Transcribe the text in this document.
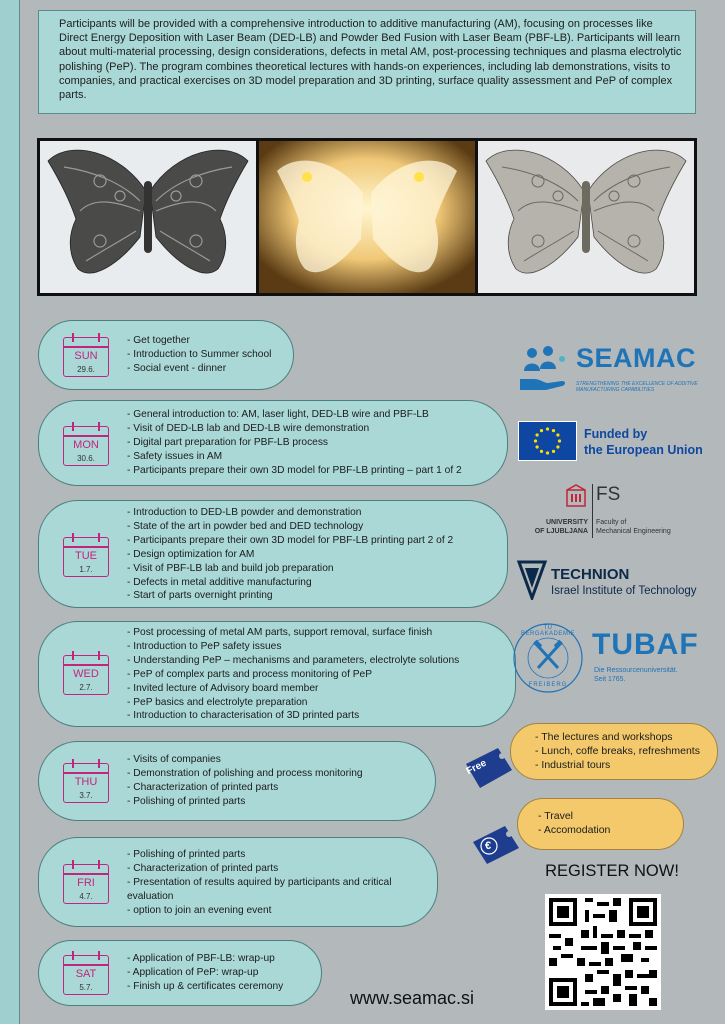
Participants will be provided with a comprehensive introduction to additive manufacturing (AM), focusing on processes like Direct Energy Deposition with Laser Beam (DED-LB) and Powder Bed Fusion with Laser Beam (PBF-LB). Participants will learn about multi-material processing, design considerations, defects in metal AM, post-processing techniques and plasma electrolytic polishing (PeP). The program combines theoretical lectures with hands-on experiences, including lab demonstrations, visits to companies, and practical exercises on 3D model preparation and 3D printing, surface quality assessment and PeP of complex parts.

SUN
29.6.
- Get together
- Introduction to Summer school
- Social event - dinner
MON
30.6.
- General introduction to: AM, laser light, DED-LB wire and PBF-LB
- Visit of DED-LB lab and DED-LB wire demonstration
- Digital part preparation for PBF-LB process
- Safety issues in AM
- Participants prepare their own 3D model for PBF-LB printing – part 1 of 2
TUE
1.7.
- Introduction to DED-LB powder and demonstration
- State of the art in powder bed and DED technology
- Participants prepare their own 3D model for PBF-LB printing part 2 of 2
- Design optimization for AM
- Visit of PBF-LB lab and build job preparation
- Defects in metal additive manufacturing
- Start of parts overnight printing
WED
2.7.
- Post processing of metal AM parts, support removal, surface finish
- Introduction to PeP safety issues
- Understanding PeP – mechanisms and parameters, electrolyte solutions
- PeP of complex parts and process monitoring of PeP
- Invited lecture of Advisory board member
- PeP basics and electrolyte preparation
- Introduction to characterisation of 3D printed parts
THU
3.7.
- Visits of companies
- Demonstration of polishing and process monitoring
- Characterization of printed parts
- Polishing of printed parts
FRI
4.7.
- Polishing of printed parts
- Characterization of printed parts
- Presentation of results aquired by participants and critical evaluation
- option to join an evening event
SAT
5.7.
- Application of PBF-LB: wrap-up
- Application of PeP: wrap-up
- Finish up & certificates ceremony
SEAMAC
STRENGTHENING THE EXCELLENCE OF ADDITIVE
MANUFACTURING CAPABILITIES
Funded by
the European Union
FS
UNIVERSITY
OF LJUBLJANA
Faculty of
Mechanical Engineering
TECHNION
Israel Institute of Technology
TU BERGAKADEMIE
FREIBERG
TUBAF
Die Ressourcenuniversität.
Seit 1765.
- The lectures and workshops
- Lunch, coffe breaks, refreshments
- Industrial tours
Free
- Travel
- Accomodation
€
REGISTER NOW!
www.seamac.si
